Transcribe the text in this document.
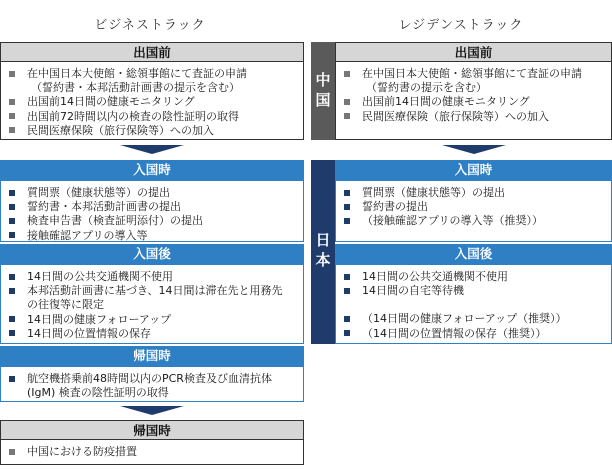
ビジネストラック	レジデンストラック
出国前
在中国日本大使館・総領事館にて査証の申請
（誓約書・本邦活動計画書の提示を含む）
出国前14日間の健康モニタリング
出国前72時間以内の検査の陰性証明の取得
民間医療保険（旅行保険等）への加入
入国時
質問票（健康状態等）の提出
誓約書・本邦活動計画書の提出
検査申告書（検査証明添付）の提出
接触確認アプリの導入等
入国後
14日間の公共交通機関不使用
本邦活動計画書に基づき、14日間は滞在先と用務先
の往復等に限定
14日間の健康フォローアップ
14日間の位置情報の保存
帰国時
航空機搭乗前48時間以内のPCR検査及び血清抗体
(IgM) 検査の陰性証明の取得
帰国時
中国における防疫措置
中国
日本
出国前
在中国日本大使館・総領事館にて査証の申請
（誓約書の提示を含む）
出国前14日間の健康モニタリング
民間医療保険（旅行保険等）への加入
入国時
質問票（健康状態等）の提出
誓約書の提出
（接触確認アプリの導入等（推奨））
入国後
14日間の公共交通機関不使用
14日間の自宅等待機
（14日間の健康フォローアップ（推奨））
（14日間の位置情報の保存（推奨））
